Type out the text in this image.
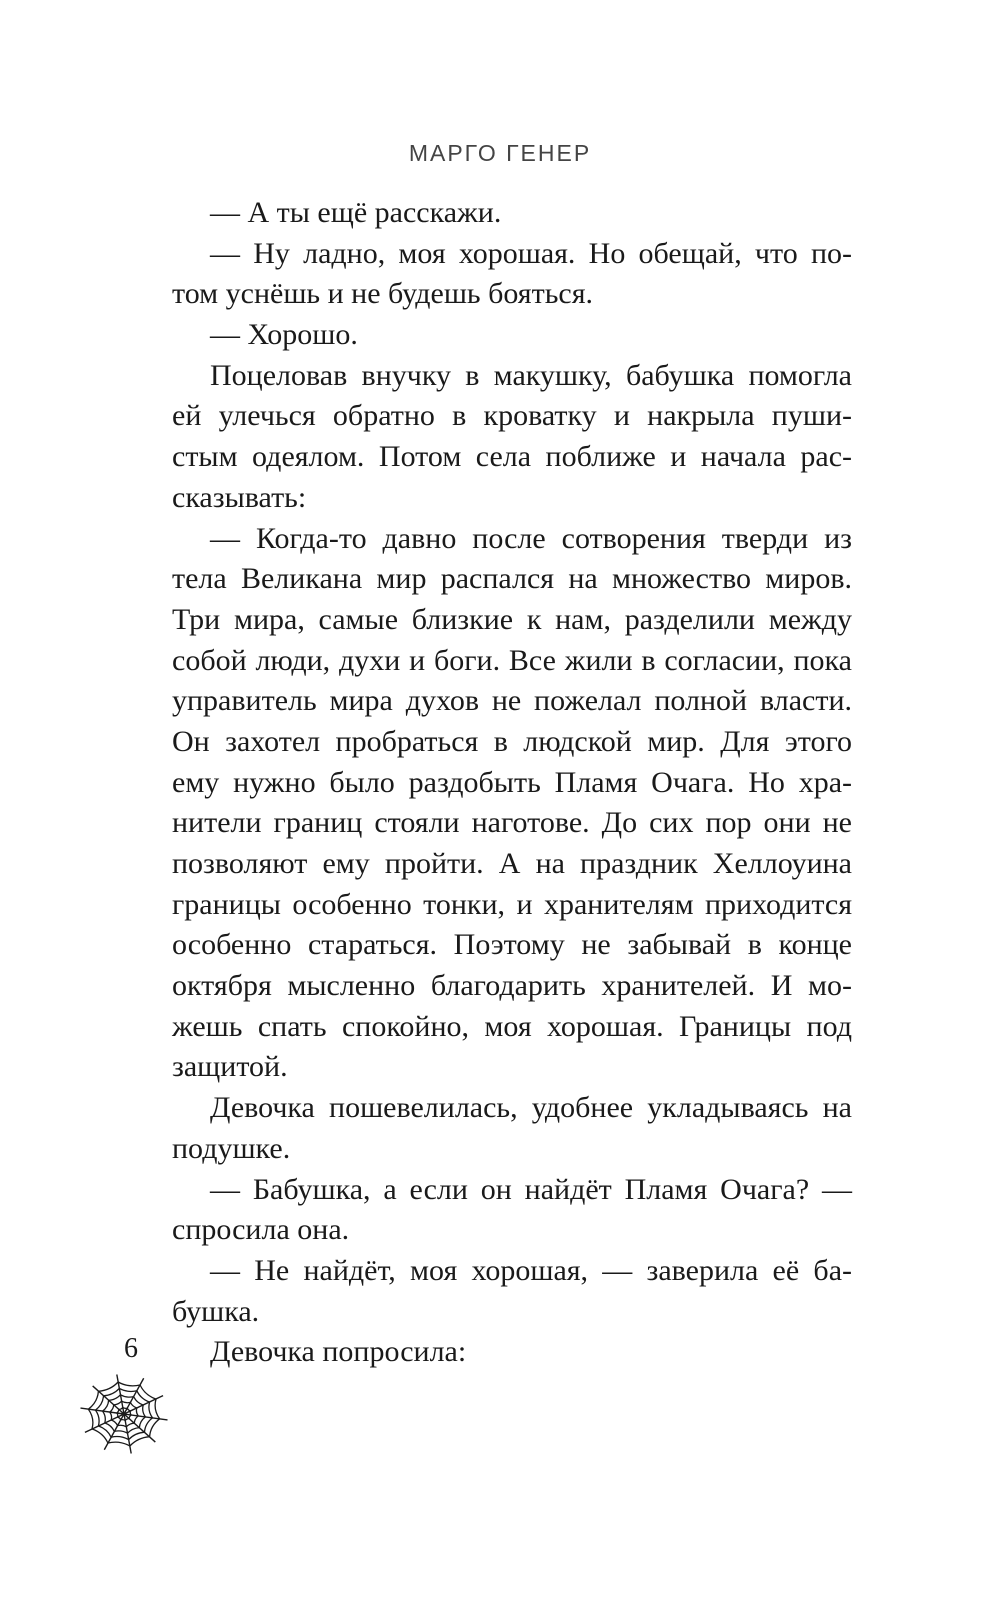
МАРГО ГЕНЕР
— А ты ещё расскажи.
— Ну ладно, моя хорошая. Но обещай, что по-
том уснёшь и не будешь бояться.
— Хорошо.
Поцеловав внучку в макушку, бабушка помогла
ей улечься обратно в кроватку и накрыла пуши-
стым одеялом. Потом села поближе и начала рас-
сказывать:
— Когда-то давно после сотворения тверди из
тела Великана мир распался на множество миров.
Три мира, самые близкие к нам, разделили между
собой люди, духи и боги. Все жили в согласии, пока
управитель мира духов не пожелал полной власти.
Он захотел пробраться в людской мир. Для этого
ему нужно было раздобыть Пламя Очага. Но хра-
нители границ стояли наготове. До сих пор они не
позволяют ему пройти. А на праздник Хеллоуина
границы особенно тонки, и хранителям приходится
особенно стараться. Поэтому не забывай в конце
октября мысленно благодарить хранителей. И мо-
жешь спать спокойно, моя хорошая. Границы под
защитой.
Девочка пошевелилась, удобнее укладываясь на
подушке.
— Бабушка, а если он найдёт Пламя Очага? —
спросила она.
— Не найдёт, моя хорошая, — заверила её ба-
бушка.
Девочка попросила:
6
